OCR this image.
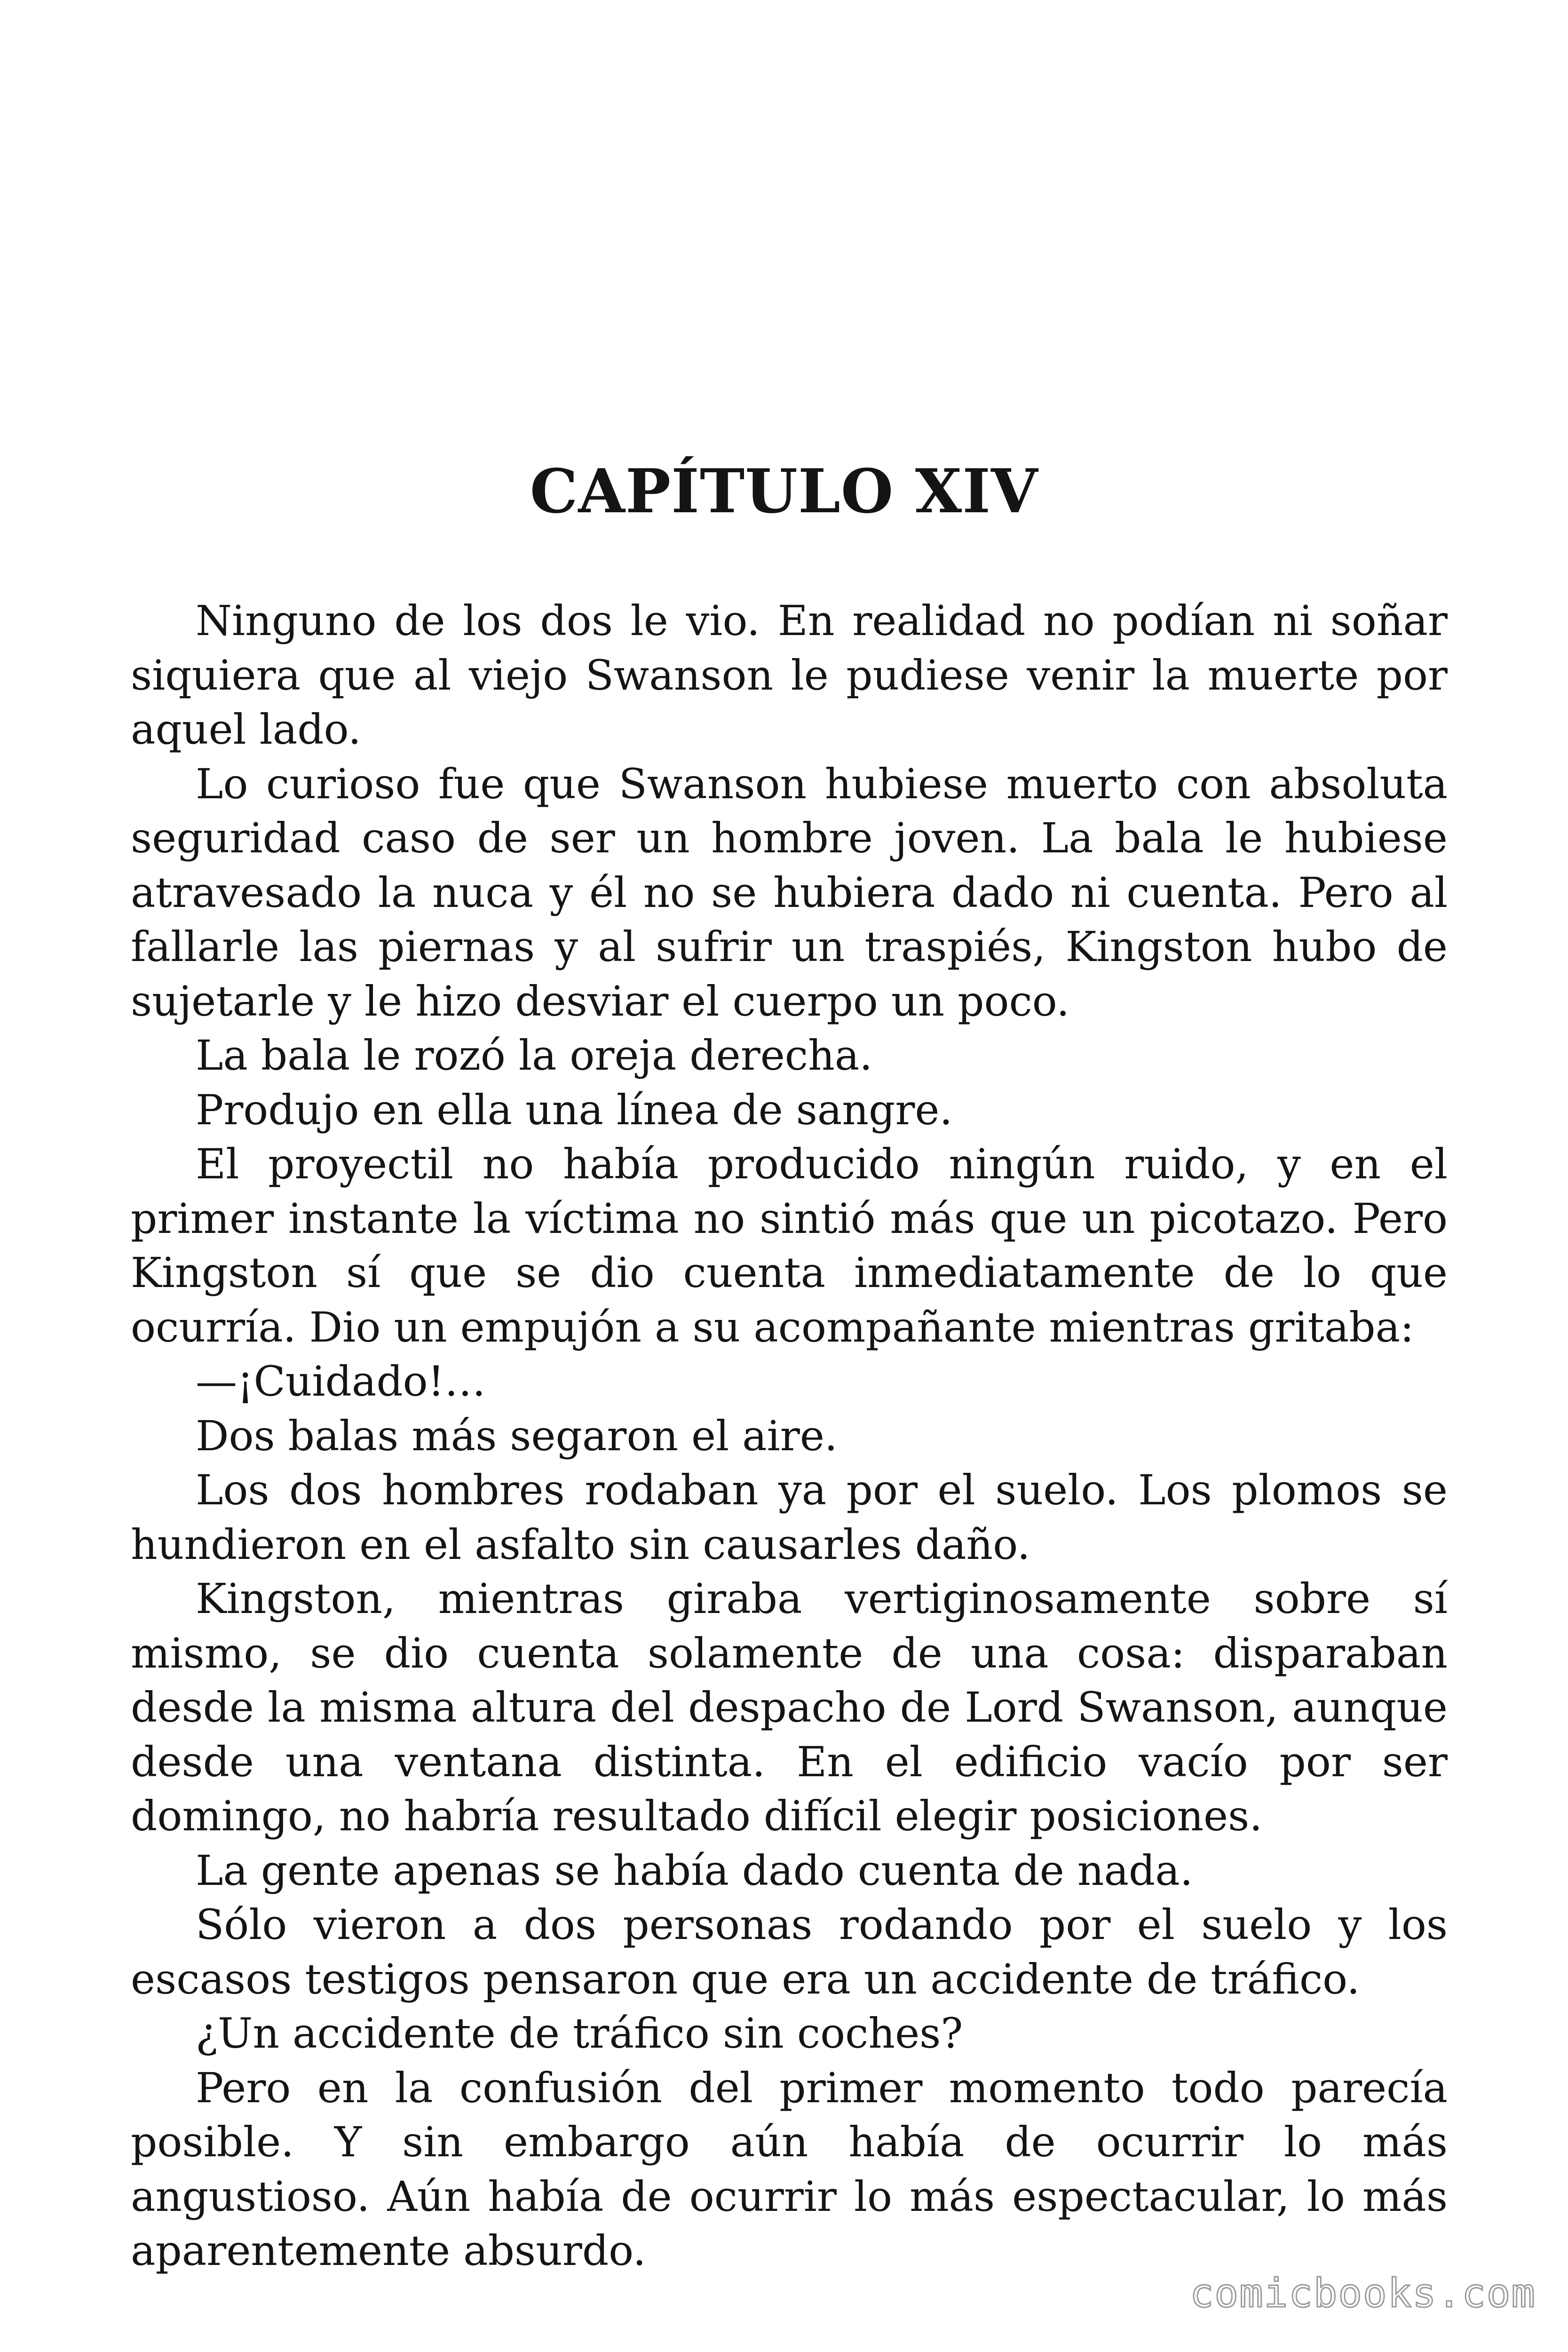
CAPÍTULO XIV

Ninguno de los dos le vio. En realidad no podían ni soñar siquiera que al viejo Swanson le pudiese venir la muerte por aquel lado.

Lo curioso fue que Swanson hubiese muerto con absoluta seguridad caso de ser un hombre joven. La bala le hubiese atravesado la nuca y él no se hubiera dado ni cuenta. Pero al fallarle las piernas y al sufrir un traspiés, Kingston hubo de sujetarle y le hizo desviar el cuerpo un poco.

La bala le rozó la oreja derecha.

Produjo en ella una línea de sangre.

El proyectil no había producido ningún ruido, y en el primer instante la víctima no sintió más que un picotazo. Pero Kingston sí que se dio cuenta inmediatamente de lo que ocurría. Dio un empujón a su acompañante mientras gritaba:

—¡Cuidado!…

Dos balas más segaron el aire.

Los dos hombres rodaban ya por el suelo. Los plomos se hundieron en el asfalto sin causarles daño.

Kingston, mientras giraba vertiginosamente sobre sí mismo, se dio cuenta solamente de una cosa: disparaban desde la misma altura del despacho de Lord Swanson, aunque desde una ventana distinta. En el edificio vacío por ser domingo, no habría resultado difícil elegir posiciones.

La gente apenas se había dado cuenta de nada.

Sólo vieron a dos personas rodando por el suelo y los escasos testigos pensaron que era un accidente de tráfico.

¿Un accidente de tráfico sin coches?

Pero en la confusión del primer momento todo parecía posible. Y sin embargo aún había de ocurrir lo más angustioso. Aún había de ocurrir lo más espectacular, lo más aparentemente absurdo.

comicbooks.com
